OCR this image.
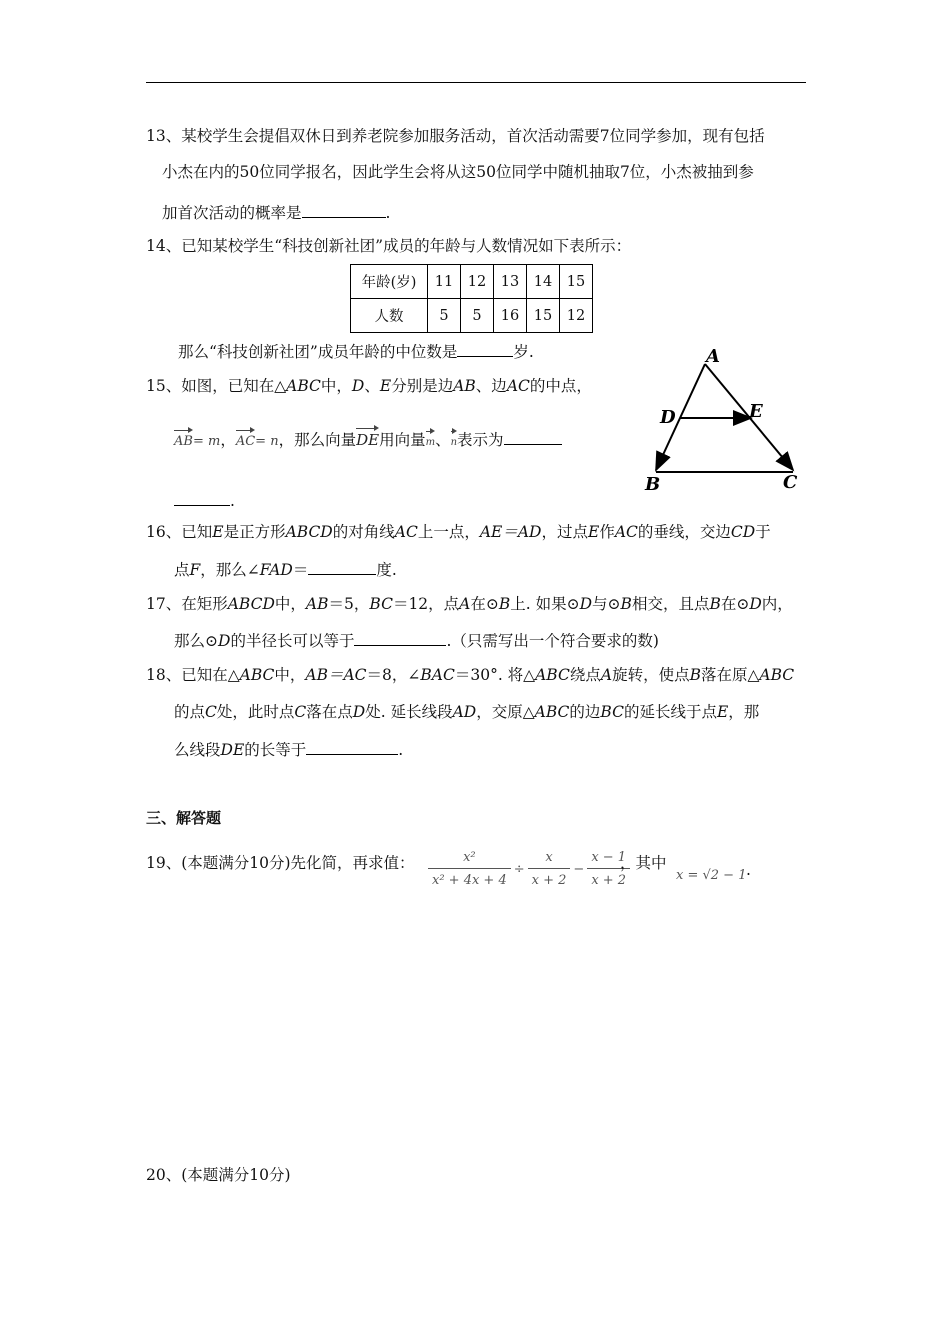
13、某校学生会提倡双休日到养老院参加服务活动，首次活动需要7位同学参加，现有包括
小杰在内的50位同学报名，因此学生会将从这50位同学中随机抽取7位，小杰被抽到参
加首次活动的概率是	.
14、已知某校学生“科技创新社团”成员的年龄与人数情况如下表所示：
年龄(岁)	11	12	13	14	15
人数	5	5	16	15	12
那么“科技创新社团”成员年龄的中位数是	岁.
15、如图，已知在△ABC中，D、E分别是边AB、边AC的中点，
AB= m，AC= n，那么向量DE用向量m、n表示为
.
A
D	E
B	C
16、已知E是正方形ABCD的对角线AC上一点，AE＝AD，过点E作AC的垂线，交边CD于
点F，那么∠FAD＝	度.
17、在矩形ABCD中，AB＝5，BC＝12，点A在⊙B上. 如果⊙D与⊙B相交，且点B在⊙D内，
那么⊙D的半径长可以等于	.（只需写出一个符合要求的数)
18、已知在△ABC中，AB＝AC＝8，∠BAC＝30°. 将△ABC绕点A旋转，使点B落在原△ABC
的点C处，此时点C落在点D处. 延长线段AD，交原△ABC的边BC的延长线于点E，那
么线段DE的长等于	.
三、解答题
19、(本题满分10分)先化简，再求值： $\frac{\text{x²}}{\text{x² + 4x + 4}} \div \frac{x}{x + 2} - \frac{x - 1}{x + 2}$
，其中
x = √2 − 1 .
20、(本题满分10分)
